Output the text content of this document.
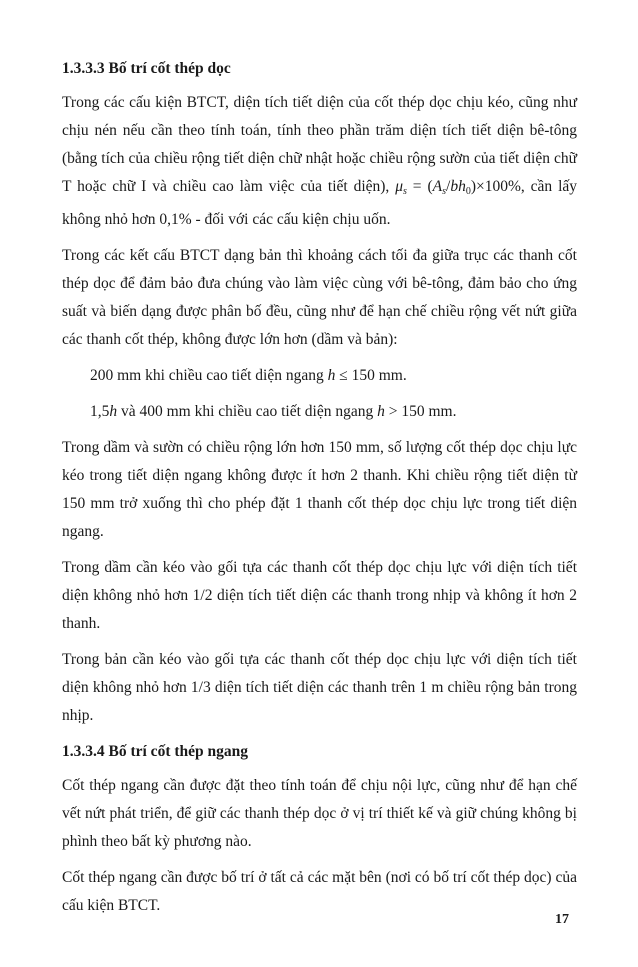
1.3.3.3 Bố trí cốt thép dọc

Trong các cấu kiện BTCT, diện tích tiết diện của cốt thép dọc chịu kéo, cũng như chịu nén nếu cần theo tính toán, tính theo phần trăm diện tích tiết diện bê-tông (bằng tích của chiều rộng tiết diện chữ nhật hoặc chiều rộng sườn của tiết diện chữ T hoặc chữ I và chiều cao làm việc của tiết diện), $\mu_s = (A_s/bh_0)\times 100\%$, cần lấy không nhỏ hơn 0,1% - đối với các cấu kiện chịu uốn.

Trong các kết cấu BTCT dạng bản thì khoảng cách tối đa giữa trục các thanh cốt thép dọc để đảm bảo đưa chúng vào làm việc cùng với bê-tông, đảm bảo cho ứng suất và biến dạng được phân bố đều, cũng như để hạn chế chiều rộng vết nứt giữa các thanh cốt thép, không được lớn hơn (dầm và bản):

200 mm khi chiều cao tiết diện ngang h ≤ 150 mm.

1,5h và 400 mm khi chiều cao tiết diện ngang h > 150 mm.

Trong dầm và sườn có chiều rộng lớn hơn 150 mm, số lượng cốt thép dọc chịu lực kéo trong tiết diện ngang không được ít hơn 2 thanh. Khi chiều rộng tiết diện từ 150 mm trở xuống thì cho phép đặt 1 thanh cốt thép dọc chịu lực trong tiết diện ngang.

Trong dầm cần kéo vào gối tựa các thanh cốt thép dọc chịu lực với diện tích tiết diện không nhỏ hơn 1/2 diện tích tiết diện các thanh trong nhịp và không ít hơn 2 thanh.

Trong bản cần kéo vào gối tựa các thanh cốt thép dọc chịu lực với diện tích tiết diện không nhỏ hơn 1/3 diện tích tiết diện các thanh trên 1 m chiều rộng bản trong nhịp.

1.3.3.4 Bố trí cốt thép ngang

Cốt thép ngang cần được đặt theo tính toán để chịu nội lực, cũng như để hạn chế vết nứt phát triển, để giữ các thanh thép dọc ở vị trí thiết kế và giữ chúng không bị phình theo bất kỳ phương nào.

Cốt thép ngang cần được bố trí ở tất cả các mặt bên (nơi có bố trí cốt thép dọc) của cấu kiện BTCT.

17
